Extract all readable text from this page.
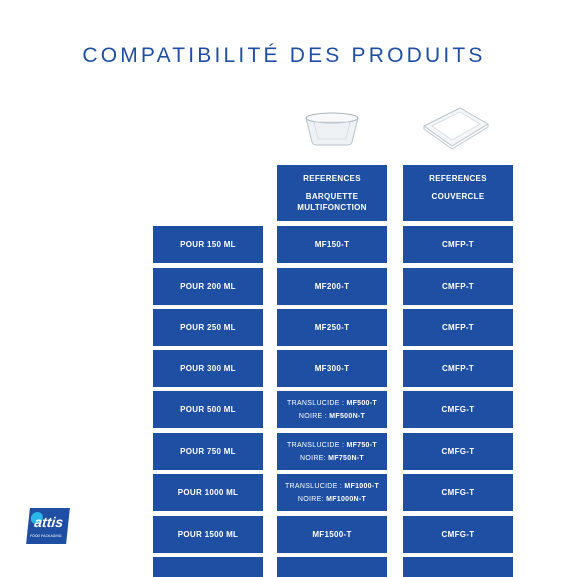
COMPATIBILITÉ DES PRODUITS
POUR 150 ML
POUR 200 ML
POUR 250 ML
POUR 300 ML
POUR 500 ML
POUR 750 ML
POUR 1000 ML
POUR 1500 ML
REFERENCES
BARQUETTE MULTIFONCTION
MF150-T
MF200-T
MF250-T
MF300-T
TRANSLUCIDE : MF500-T
NOIRE : MF500N-T
TRANSLUCIDE : MF750-T
NOIRE: MF750N-T
TRANSLUCIDE : MF1000-T
NOIRE: MF1000N-T
MF1500-T
REFERENCES
COUVERCLE
CMFP-T
CMFP-T
CMFP-T
CMFP-T
CMFG-T
CMFG-T
CMFG-T
CMFG-T
attis
FOOD PACKAGING
